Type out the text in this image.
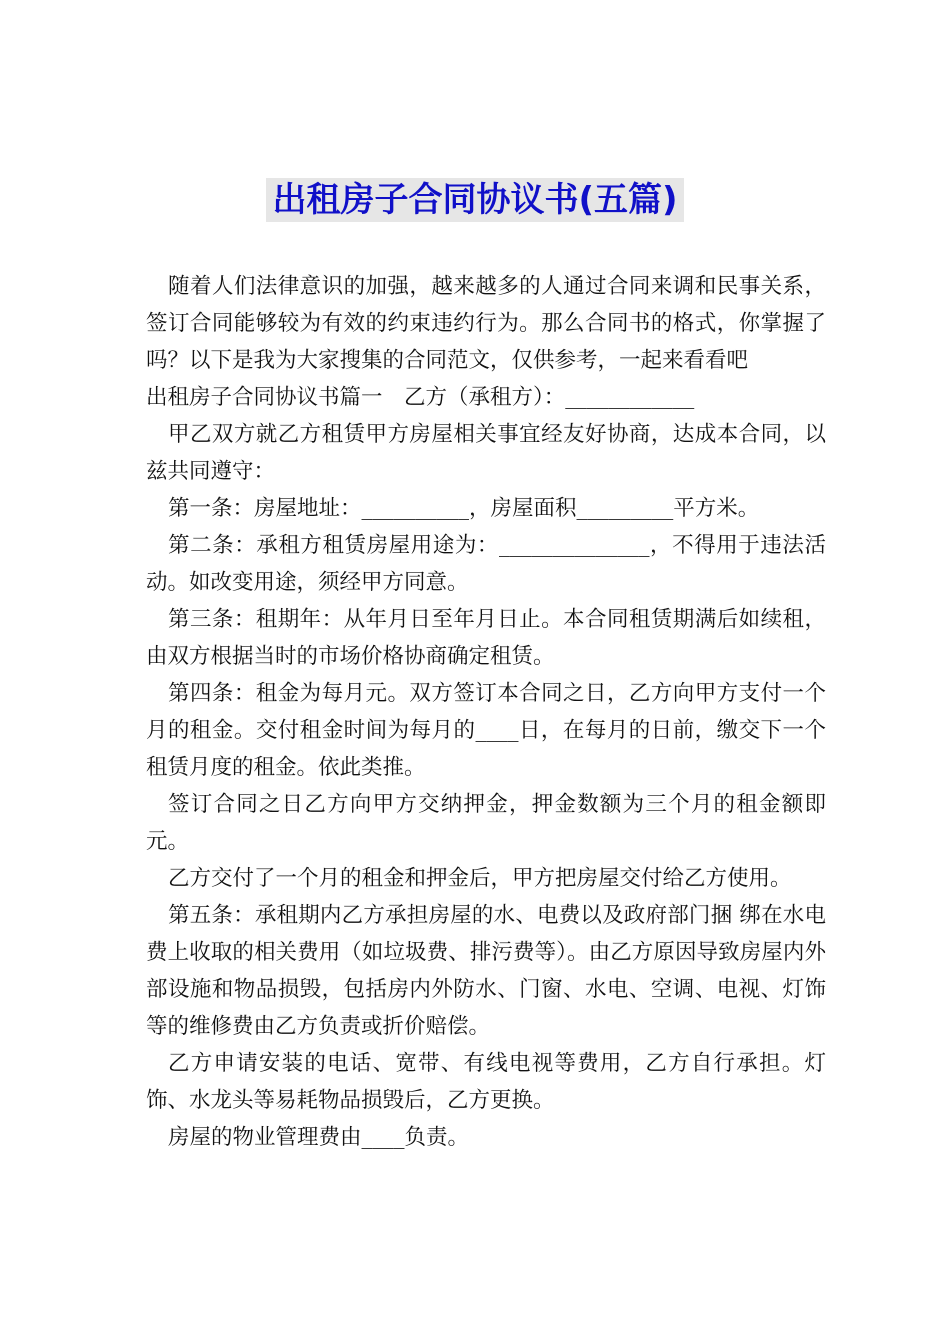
出租房子合同协议书(五篇)

随着人们法律意识的加强，越来越多的人通过合同来调和民事关系，签订合同能够较为有效的约束违约行为。那么合同书的格式，你掌握了吗？以下是我为大家搜集的合同范文，仅供参考，一起来看看吧

出租房子合同协议书篇一　乙方（承租方）：____________

甲乙双方就乙方租赁甲方房屋相关事宜经友好协商，达成本合同，以兹共同遵守：

第一条：房屋地址：__________，房屋面积_________平方米。

第二条：承租方租赁房屋用途为：______________，不得用于违法活动。如改变用途，须经甲方同意。

第三条：租期年：从年月日至年月日止。本合同租赁期满后如续租，由双方根据当时的市场价格协商确定租赁。

第四条：租金为每月元。双方签订本合同之日，乙方向甲方支付一个月的租金。交付租金时间为每月的____日，在每月的日前，缴交下一个租赁月度的租金。依此类推。

签订合同之日乙方向甲方交纳押金，押金数额为三个月的租金额即元。

乙方交付了一个月的租金和押金后，甲方把房屋交付给乙方使用。

第五条：承租期内乙方承担房屋的水、电费以及政府部门捆 绑在水电费上收取的相关费用（如垃圾费、排污费等）。由乙方原因导致房屋内外部设施和物品损毁，包括房内外防水、门窗、水电、空调、电视、灯饰等的维修费由乙方负责或折价赔偿。

乙方申请安装的电话、宽带、有线电视等费用，乙方自行承担。灯饰、水龙头等易耗物品损毁后，乙方更换。

房屋的物业管理费由____负责。
